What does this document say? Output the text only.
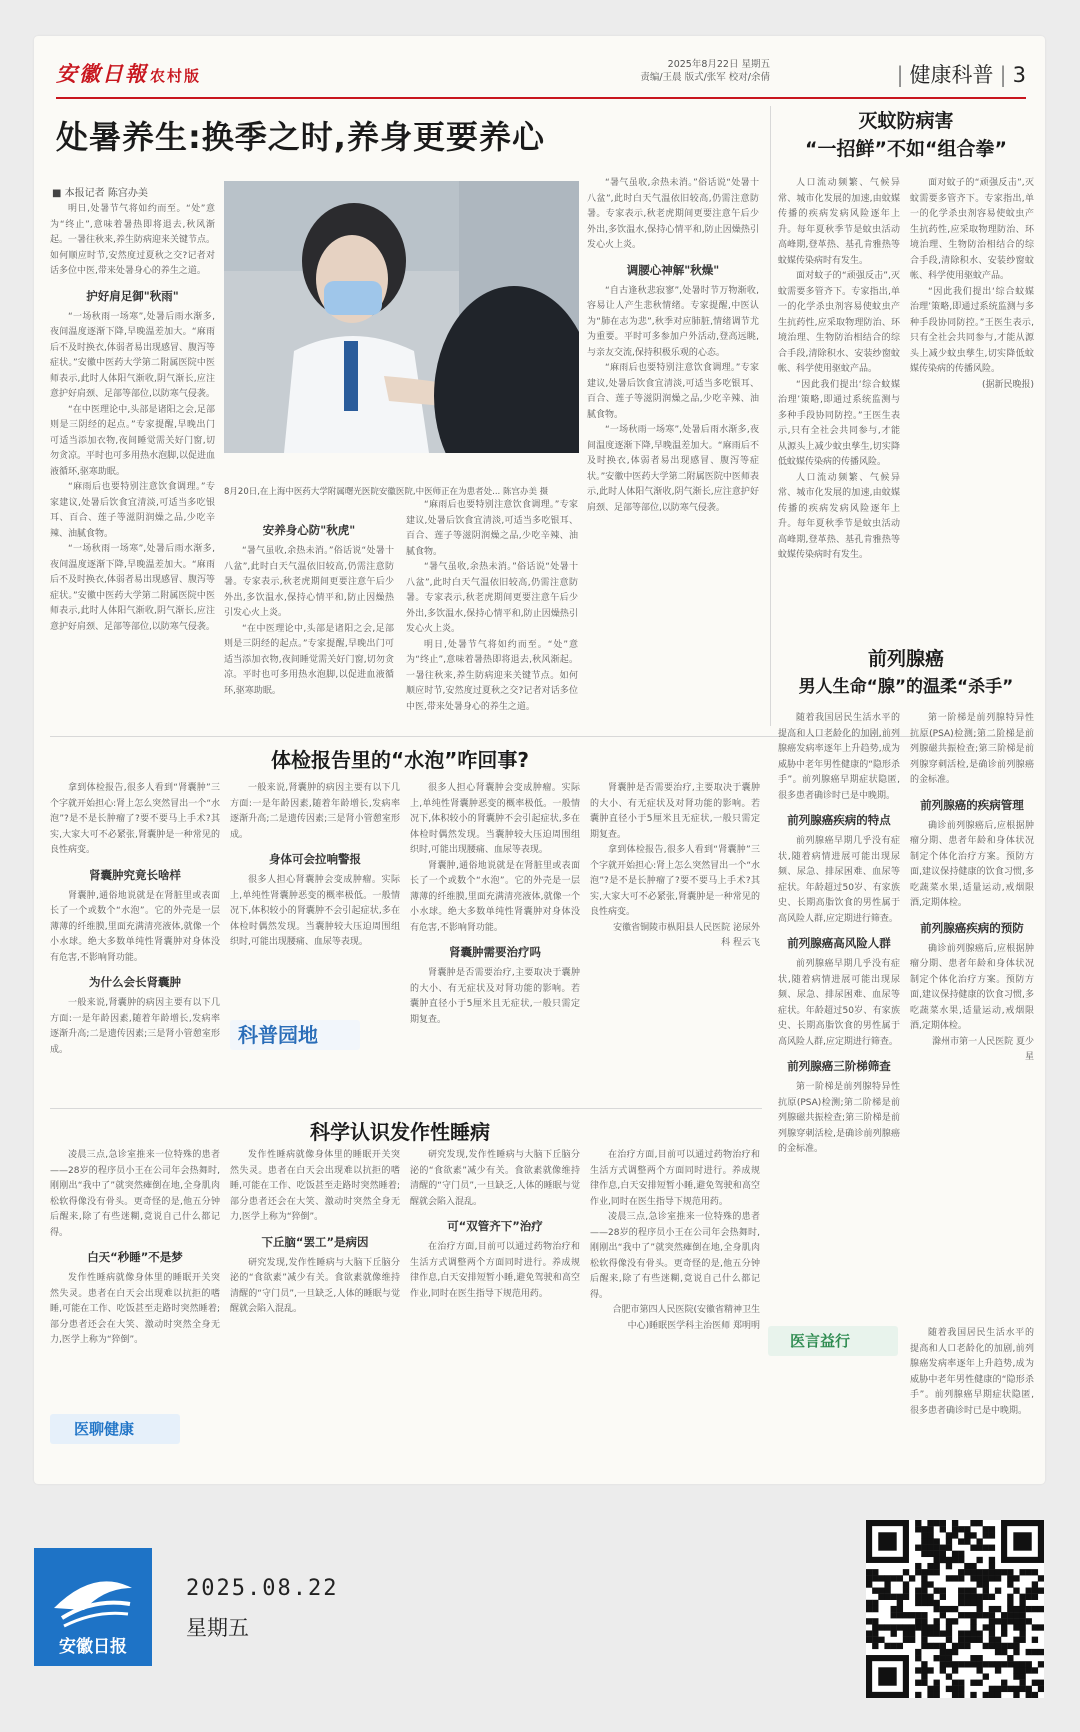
安徽日報 农村版
2025年8月22日 星期五
责编/王晨 版式/张军 校对/余倩	| 健康科普 | 3
处暑养生:换季之时,养身更要养心
■ 本报记者 陈宫办美

明日,处暑节气将如约而至。“处”意为“终止”,意味着暑热即将退去,秋风渐起。一暑往秋来,养生防病迎来关键节点。如何顺应时节,安然度过夏秋之交?记者对话多位中医,带来处暑身心的养生之道。

护好肩足御"秋雨"

“一场秋雨一场寒”,处暑后雨水渐多,夜间温度逐渐下降,早晚温差加大。“麻雨后不及时换衣,体弱者易出现感冒、腹泻等症状。”安徽中医药大学第二附属医院中医师表示,此时人体阳气渐收,阴气渐长,应注意护好肩颈、足部等部位,以防寒气侵袭。

“在中医理论中,头部是诸阳之会,足部则是三阴经的起点。”专家提醒,早晚出门可适当添加衣物,夜间睡觉需关好门窗,切勿贪凉。平时也可多用热水泡脚,以促进血液循环,驱寒助眠。

“麻雨后也要特别注意饮食调理。”专家建议,处暑后饮食宜清淡,可适当多吃银耳、百合、莲子等滋阴润燥之品,少吃辛辣、油腻食物。

“一场秋雨一场寒”,处暑后雨水渐多,夜间温度逐渐下降,早晚温差加大。“麻雨后不及时换衣,体弱者易出现感冒、腹泻等症状。”安徽中医药大学第二附属医院中医师表示,此时人体阳气渐收,阴气渐长,应注意护好肩颈、足部等部位,以防寒气侵袭。

8月20日,在上海中医药大学附属曙光医院安徽医院,中医师正在为患者处... 陈宫办美 摄
安养身心防"秋虎"

“暑气虽收,余热未消。”俗话说“处暑十八盆”,此时白天气温依旧较高,仍需注意防暑。专家表示,秋老虎期间更要注意午后少外出,多饮温水,保持心情平和,防止因燥热引发心火上炎。

“在中医理论中,头部是诸阳之会,足部则是三阴经的起点。”专家提醒,早晚出门可适当添加衣物,夜间睡觉需关好门窗,切勿贪凉。平时也可多用热水泡脚,以促进血液循环,驱寒助眠。

“麻雨后也要特别注意饮食调理。”专家建议,处暑后饮食宜清淡,可适当多吃银耳、百合、莲子等滋阴润燥之品,少吃辛辣、油腻食物。

“暑气虽收,余热未消。”俗话说“处暑十八盆”,此时白天气温依旧较高,仍需注意防暑。专家表示,秋老虎期间更要注意午后少外出,多饮温水,保持心情平和,防止因燥热引发心火上炎。

明日,处暑节气将如约而至。“处”意为“终止”,意味着暑热即将退去,秋风渐起。一暑往秋来,养生防病迎来关键节点。如何顺应时节,安然度过夏秋之交?记者对话多位中医,带来处暑身心的养生之道。

“暑气虽收,余热未消。”俗话说“处暑十八盆”,此时白天气温依旧较高,仍需注意防暑。专家表示,秋老虎期间更要注意午后少外出,多饮温水,保持心情平和,防止因燥热引发心火上炎。

调腰心神解"秋燥"

“自古逢秋悲寂寥”,处暑时节万物渐收,容易让人产生悲秋情绪。专家提醒,中医认为“肺在志为悲”,秋季对应肺脏,情绪调节尤为重要。平时可多参加户外活动,登高远眺,与亲友交流,保持积极乐观的心态。

“麻雨后也要特别注意饮食调理。”专家建议,处暑后饮食宜清淡,可适当多吃银耳、百合、莲子等滋阴润燥之品,少吃辛辣、油腻食物。

“一场秋雨一场寒”,处暑后雨水渐多,夜间温度逐渐下降,早晚温差加大。“麻雨后不及时换衣,体弱者易出现感冒、腹泻等症状。”安徽中医药大学第二附属医院中医师表示,此时人体阳气渐收,阴气渐长,应注意护好肩颈、足部等部位,以防寒气侵袭。

灭蚊防病害
“一招鲜”不如“组合拳”

人口流动频繁、气候异常、城市化发展的加速,由蚊媒传播的疾病发病风险逐年上升。每年夏秋季节是蚊虫活动高峰期,登革热、基孔肯雅热等蚊媒传染病时有发生。

面对蚊子的“顽强反击”,灭蚊需要多管齐下。专家指出,单一的化学杀虫剂容易使蚊虫产生抗药性,应采取物理防治、环境治理、生物防治相结合的综合手段,清除积水、安装纱窗蚊帐、科学使用驱蚊产品。

“因此我们提出‘综合蚊媒治理’策略,即通过系统监测与多种手段协同防控。”王医生表示,只有全社会共同参与,才能从源头上减少蚊虫孳生,切实降低蚊媒传染病的传播风险。

人口流动频繁、气候异常、城市化发展的加速,由蚊媒传播的疾病发病风险逐年上升。每年夏秋季节是蚊虫活动高峰期,登革热、基孔肯雅热等蚊媒传染病时有发生。

面对蚊子的“顽强反击”,灭蚊需要多管齐下。专家指出,单一的化学杀虫剂容易使蚊虫产生抗药性,应采取物理防治、环境治理、生物防治相结合的综合手段,清除积水、安装纱窗蚊帐、科学使用驱蚊产品。

“因此我们提出‘综合蚊媒治理’策略,即通过系统监测与多种手段协同防控。”王医生表示,只有全社会共同参与,才能从源头上减少蚊虫孳生,切实降低蚊媒传染病的传播风险。

(据新民晚报)

体检报告里的“水泡”咋回事?

拿到体检报告,很多人看到“肾囊肿”三个字就开始担心:肾上怎么突然冒出一个“水泡”?是不是长肿瘤了?要不要马上手术?其实,大家大可不必紧张,肾囊肿是一种常见的良性病变。

肾囊肿究竟长啥样

肾囊肿,通俗地说就是在肾脏里或表面长了一个或数个“水泡”。它的外壳是一层薄薄的纤维膜,里面充满清亮液体,就像一个小水球。绝大多数单纯性肾囊肿对身体没有危害,不影响肾功能。

为什么会长肾囊肿

一般来说,肾囊肿的病因主要有以下几方面:一是年龄因素,随着年龄增长,发病率逐渐升高;二是遗传因素;三是肾小管憩室形成。

一般来说,肾囊肿的病因主要有以下几方面:一是年龄因素,随着年龄增长,发病率逐渐升高;二是遗传因素;三是肾小管憩室形成。

身体可会拉响警报

很多人担心肾囊肿会变成肿瘤。实际上,单纯性肾囊肿恶变的概率极低。一般情况下,体积较小的肾囊肿不会引起症状,多在体检时偶然发现。当囊肿较大压迫周围组织时,可能出现腰痛、血尿等表现。

科普园地

很多人担心肾囊肿会变成肿瘤。实际上,单纯性肾囊肿恶变的概率极低。一般情况下,体积较小的肾囊肿不会引起症状,多在体检时偶然发现。当囊肿较大压迫周围组织时,可能出现腰痛、血尿等表现。

肾囊肿,通俗地说就是在肾脏里或表面长了一个或数个“水泡”。它的外壳是一层薄薄的纤维膜,里面充满清亮液体,就像一个小水球。绝大多数单纯性肾囊肿对身体没有危害,不影响肾功能。

肾囊肿需要治疗吗

肾囊肿是否需要治疗,主要取决于囊肿的大小、有无症状及对肾功能的影响。若囊肿直径小于5厘米且无症状,一般只需定期复查。

肾囊肿是否需要治疗,主要取决于囊肿的大小、有无症状及对肾功能的影响。若囊肿直径小于5厘米且无症状,一般只需定期复查。

拿到体检报告,很多人看到“肾囊肿”三个字就开始担心:肾上怎么突然冒出一个“水泡”?是不是长肿瘤了?要不要马上手术?其实,大家大可不必紧张,肾囊肿是一种常见的良性病变。

安徽省铜陵市枞阳县人民医院 泌尿外科 程云飞

前列腺癌
男人生命“腺”的温柔“杀手”

随着我国居民生活水平的提高和人口老龄化的加剧,前列腺癌发病率逐年上升趋势,成为威胁中老年男性健康的“隐形杀手”。前列腺癌早期症状隐匿,很多患者确诊时已是中晚期。

前列腺癌疾病的特点

前列腺癌早期几乎没有症状,随着病情进展可能出现尿频、尿急、排尿困难、血尿等症状。年龄超过50岁、有家族史、长期高脂饮食的男性属于高风险人群,应定期进行筛查。

前列腺癌高风险人群

前列腺癌早期几乎没有症状,随着病情进展可能出现尿频、尿急、排尿困难、血尿等症状。年龄超过50岁、有家族史、长期高脂饮食的男性属于高风险人群,应定期进行筛查。

前列腺癌三阶梯筛查

第一阶梯是前列腺特异性抗原(PSA)检测;第二阶梯是前列腺磁共振检查;第三阶梯是前列腺穿刺活检,是确诊前列腺癌的金标准。

第一阶梯是前列腺特异性抗原(PSA)检测;第二阶梯是前列腺磁共振检查;第三阶梯是前列腺穿刺活检,是确诊前列腺癌的金标准。

前列腺癌的疾病管理

确诊前列腺癌后,应根据肿瘤分期、患者年龄和身体状况制定个体化治疗方案。预防方面,建议保持健康的饮食习惯,多吃蔬菜水果,适量运动,戒烟限酒,定期体检。

前列腺癌疾病的预防

确诊前列腺癌后,应根据肿瘤分期、患者年龄和身体状况制定个体化治疗方案。预防方面,建议保持健康的饮食习惯,多吃蔬菜水果,适量运动,戒烟限酒,定期体检。

滁州市第一人民医院 夏少星

医言益行	随着我国居民生活水平的提高和人口老龄化的加剧,前列腺癌发病率逐年上升趋势,成为威胁中老年男性健康的“隐形杀手”。前列腺癌早期症状隐匿,很多患者确诊时已是中晚期。

科学认识发作性睡病

凌晨三点,急诊室推来一位特殊的患者——28岁的程序员小王在公司年会热舞时,刚刚出“我中了”就突然瘫倒在地,全身肌肉松软得像没有骨头。更奇怪的是,他五分钟后醒来,除了有些迷糊,竟说自己什么都记得。

白天“秒睡”不是梦

发作性睡病就像身体里的睡眠开关突然失灵。患者在白天会出现难以抗拒的嗜睡,可能在工作、吃饭甚至走路时突然睡着;部分患者还会在大笑、激动时突然全身无力,医学上称为“猝倒”。

医聊健康

发作性睡病就像身体里的睡眠开关突然失灵。患者在白天会出现难以抗拒的嗜睡,可能在工作、吃饭甚至走路时突然睡着;部分患者还会在大笑、激动时突然全身无力,医学上称为“猝倒”。

下丘脑“罢工”是病因

研究发现,发作性睡病与大脑下丘脑分泌的“食欲素”减少有关。食欲素就像维持清醒的“守门员”,一旦缺乏,人体的睡眠与觉醒就会陷入混乱。

研究发现,发作性睡病与大脑下丘脑分泌的“食欲素”减少有关。食欲素就像维持清醒的“守门员”,一旦缺乏,人体的睡眠与觉醒就会陷入混乱。

可“双管齐下”治疗

在治疗方面,目前可以通过药物治疗和生活方式调整两个方面同时进行。养成规律作息,白天安排短暂小睡,避免驾驶和高空作业,同时在医生指导下规范用药。

在治疗方面,目前可以通过药物治疗和生活方式调整两个方面同时进行。养成规律作息,白天安排短暂小睡,避免驾驶和高空作业,同时在医生指导下规范用药。

凌晨三点,急诊室推来一位特殊的患者——28岁的程序员小王在公司年会热舞时,刚刚出“我中了”就突然瘫倒在地,全身肌肉松软得像没有骨头。更奇怪的是,他五分钟后醒来,除了有些迷糊,竟说自己什么都记得。

合肥市第四人民医院(安徽省精神卫生中心)睡眠医学科主治医师 郑明明

安徽日报
2025.08.22
星期五
